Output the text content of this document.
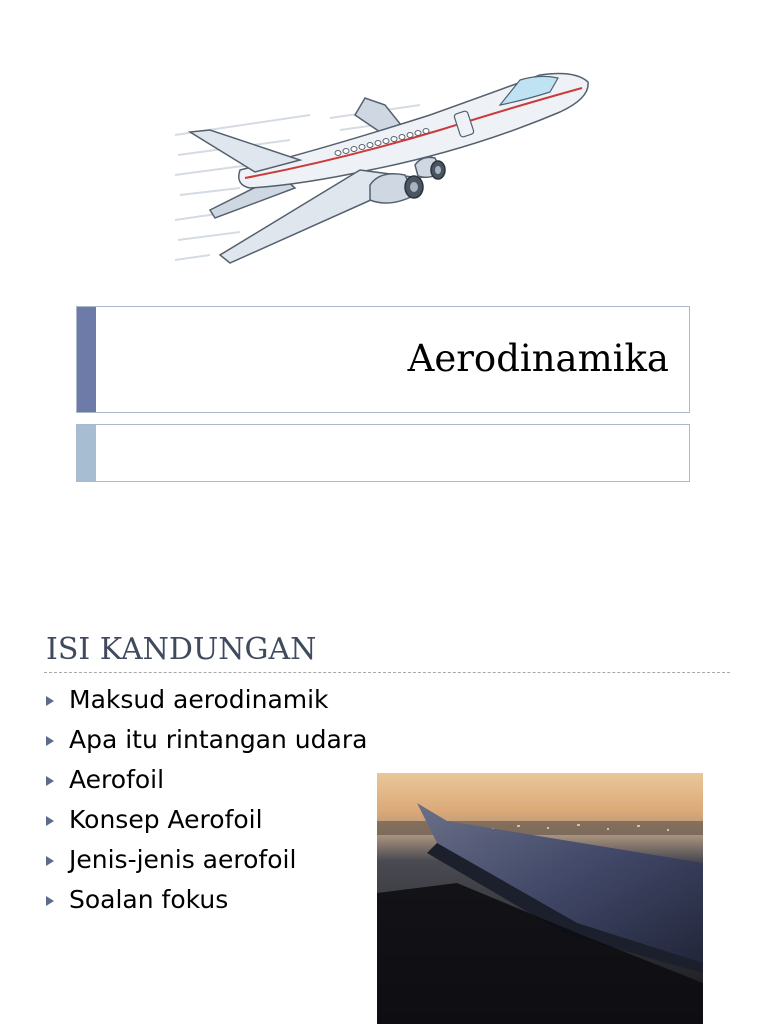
Aerodinamika
ISI KANDUNGAN
Maksud aerodinamik
Apa itu rintangan udara
Aerofoil
Konsep Aerofoil
Jenis-jenis aerofoil
Soalan fokus
